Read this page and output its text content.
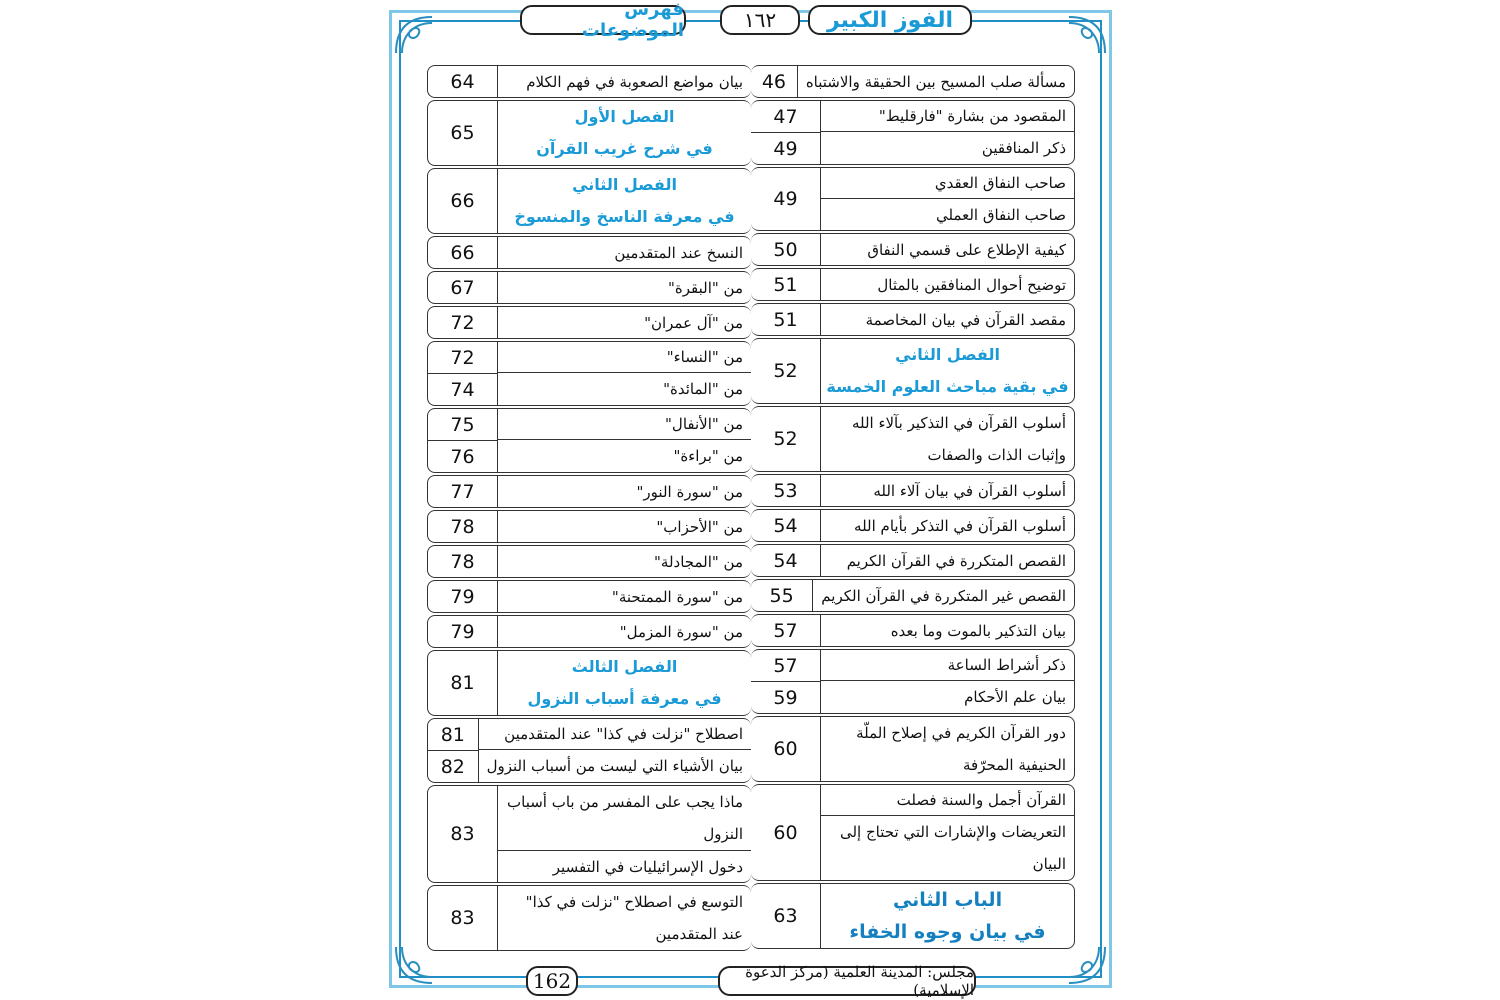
الفوز الكبير
١٦٢
فهرس الموضوعات
مجلس: المدينة العلمية (مركز الدعوة الإسلامية)
162
مسألة صلب المسيح بين الحقيقة والاشتباه
46
المقصود من بشارة "فارقليط"
ذكر المنافقين
47
49
صاحب النفاق العقدي
صاحب النفاق العملي
49
كيفية الإطلاع على قسمي النفاق
50
توضيح أحوال المنافقين بالمثال
51
مقصد القرآن في بيان المخاصمة
51
الفصل الثاني
في بقية مباحث العلوم الخمسة
52
أسلوب القرآن في التذكير بآلاء الله وإثبات الذات والصفات
52
أسلوب القرآن في بيان آلاء الله
53
أسلوب القرآن في التذكر بأيام الله
54
القصص المتكررة في القرآن الكريم
54
القصص غير المتكررة في القرآن الكريم
55
بيان التذكير بالموت وما بعده
57
ذكر أشراط الساعة
بيان علم الأحكام
57
59
دور القرآن الكريم في إصلاح الملّة الحنيفية المحرّفة
60
القرآن أجمل والسنة فصلت
التعريضات والإشارات التي تحتاج إلى البيان
60
الباب الثاني
في بيان وجوه الخفاء
63
بيان مواضع الصعوبة في فهم الكلام
64
الفصل الأول
في شرح غريب القرآن
65
الفصل الثاني
في معرفة الناسخ والمنسوخ
66
النسخ عند المتقدمين
66
من "البقرة"
67
من "آل عمران"
72
من "النساء"
من "المائدة"
72
74
من "الأنفال"
من "براءة"
75
76
من "سورة النور"
77
من "الأحزاب"
78
من "المجادلة"
78
من "سورة الممتحنة"
79
من "سورة المزمل"
79
الفصل الثالث
في معرفة أسباب النزول
81
اصطلاح "نزلت في كذا" عند المتقدمين
بيان الأشياء التي ليست من أسباب النزول
81
82
ماذا يجب على المفسر من باب أسباب النزول
دخول الإسرائيليات في التفسير
83
التوسع في اصطلاح "نزلت في كذا" عند المتقدمين
83
